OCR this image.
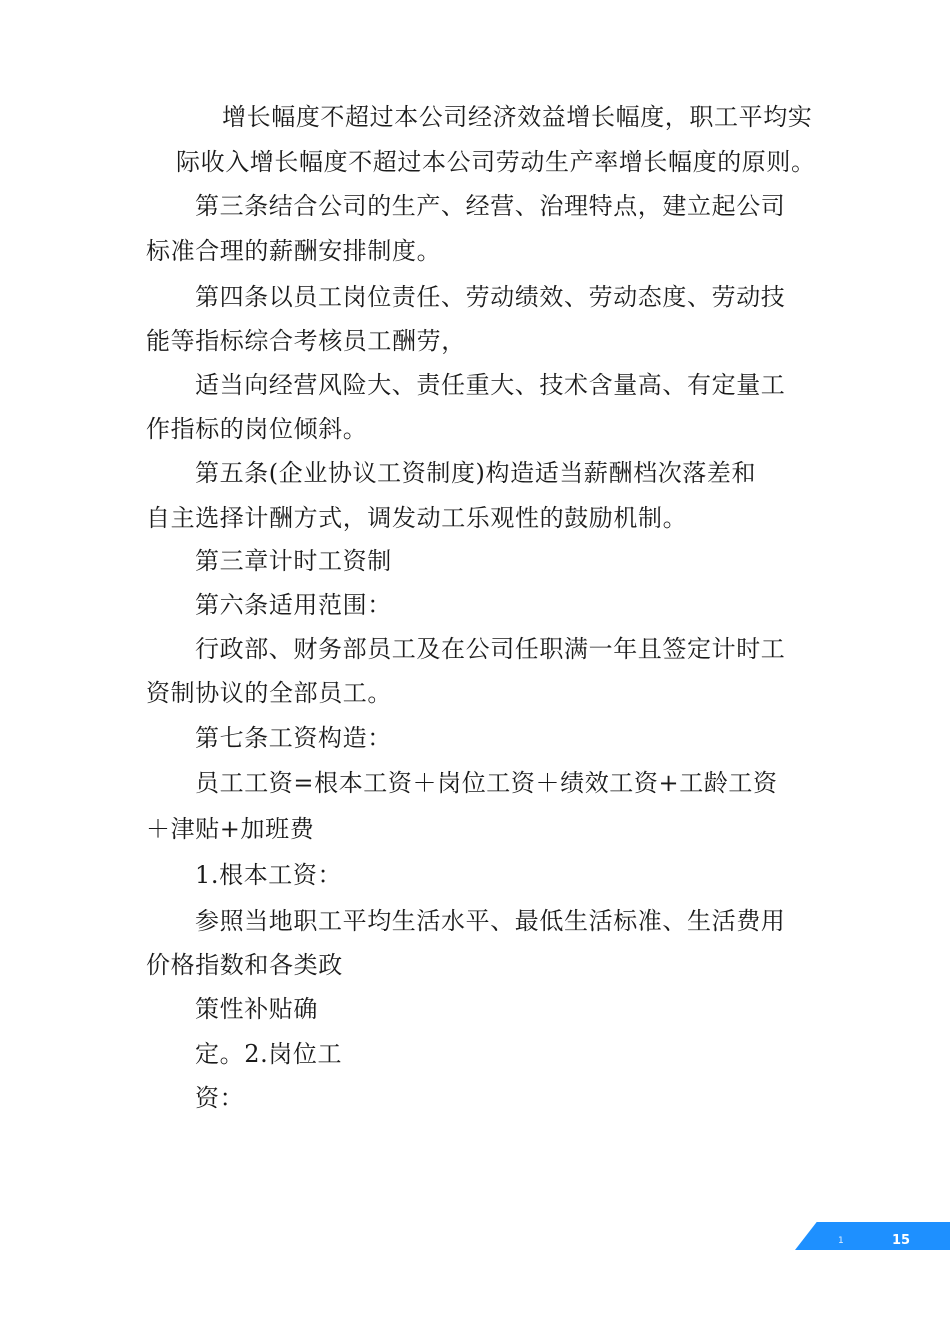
增长幅度不超过本公司经济效益增长幅度，职工平均实
际收入增长幅度不超过本公司劳动生产率增长幅度的原则。
第三条结合公司的生产、经营、治理特点，建立起公司
标准合理的薪酬安排制度。
第四条以员工岗位责任、劳动绩效、劳动态度、劳动技
能等指标综合考核员工酬劳，
适当向经营风险大、责任重大、技术含量高、有定量工
作指标的岗位倾斜。
第五条(企业协议工资制度)构造适当薪酬档次落差和
自主选择计酬方式，调发动工乐观性的鼓励机制。
第三章计时工资制
第六条适用范围：
行政部、财务部员工及在公司任职满一年且签定计时工
资制协议的全部员工。
第七条工资构造：
员工工资=根本工资＋岗位工资＋绩效工资+工龄工资
＋津贴+加班费
1.根本工资：
参照当地职工平均生活水平、最低生活标准、生活费用
价格指数和各类政
策性补贴确
定。2.岗位工
资：
1	15
